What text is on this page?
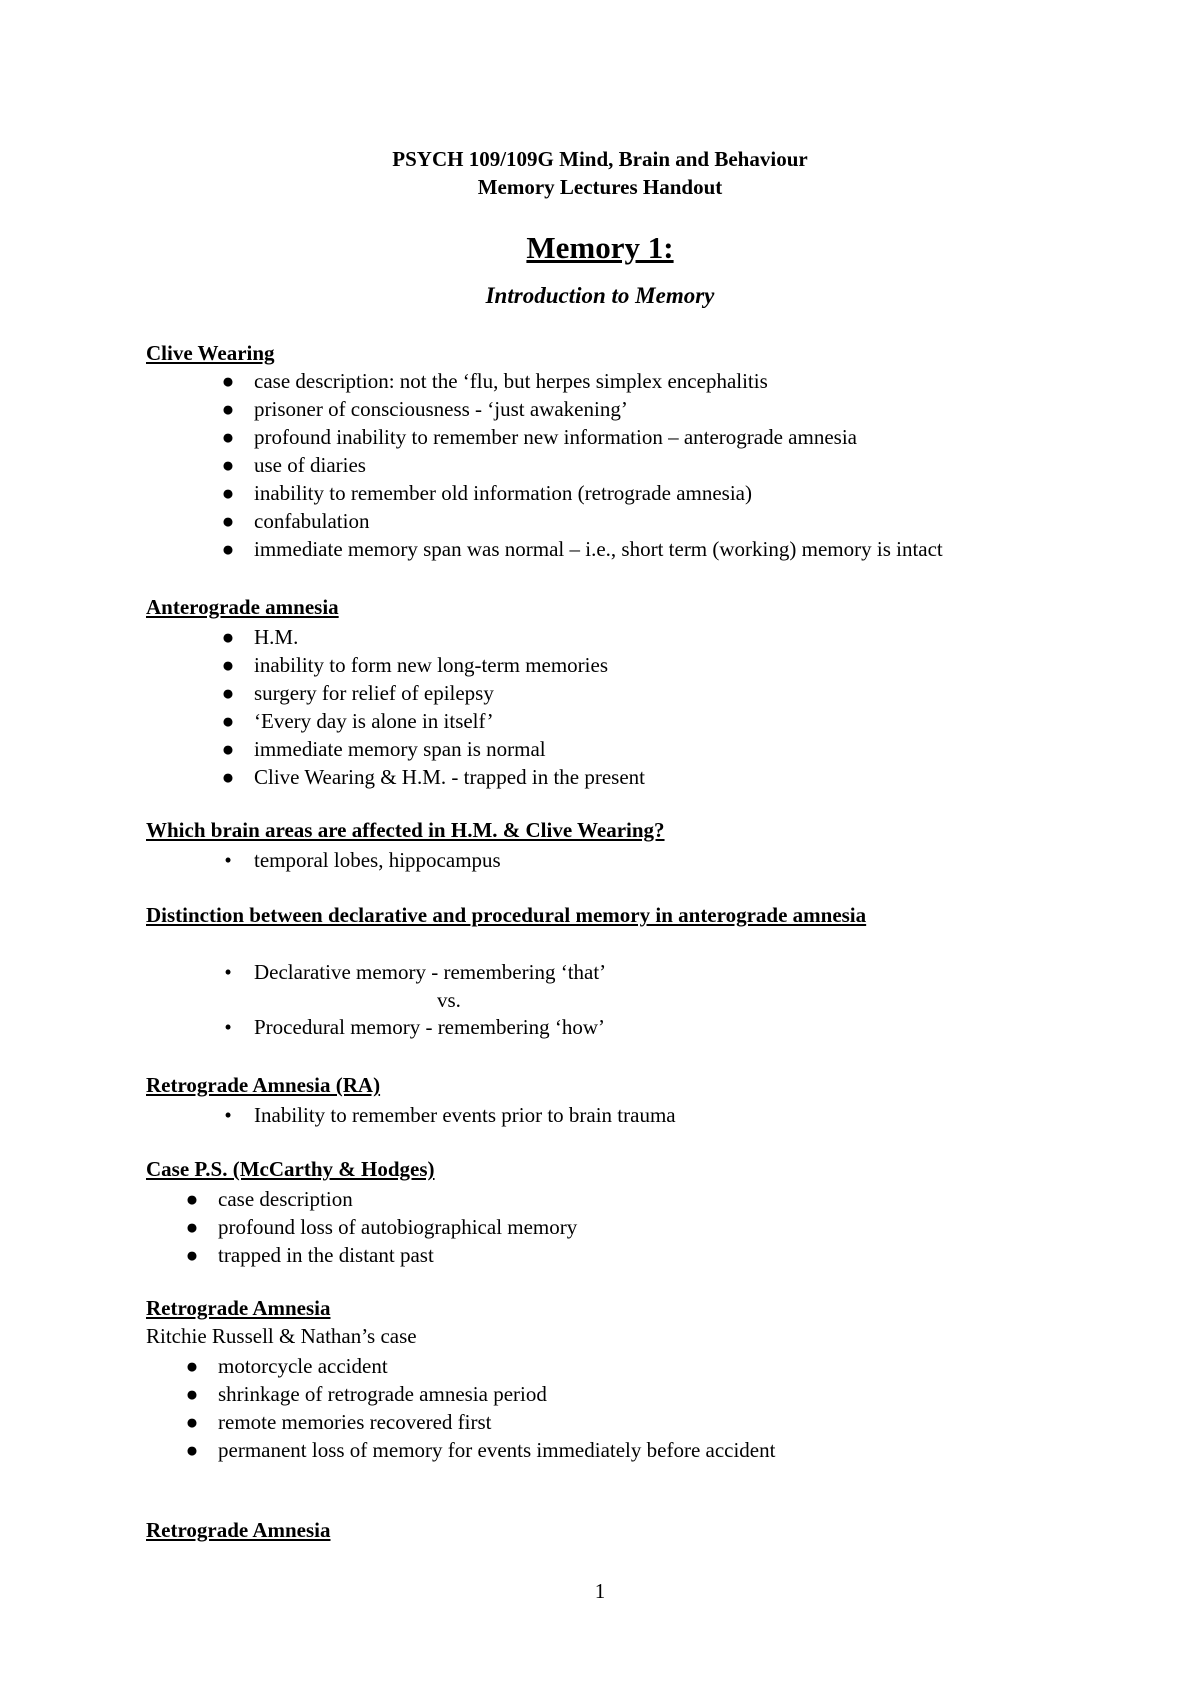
PSYCH 109/109G Mind, Brain and Behaviour
Memory Lectures Handout
Memory 1:
Introduction to Memory
Clive Wearing
● case description: not the ‘flu, but herpes simplex encephalitis
● prisoner of consciousness - ‘just awakening’
● profound inability to remember new information – anterograde amnesia
● use of diaries
● inability to remember old information (retrograde amnesia)
● confabulation
● immediate memory span was normal – i.e., short term (working) memory is intact
Anterograde amnesia
● H.M.
● inability to form new long-term memories
● surgery for relief of epilepsy
● ‘Every day is alone in itself’
● immediate memory span is normal
● Clive Wearing & H.M. - trapped in the present
Which brain areas are affected in H.M. & Clive Wearing?
•	temporal lobes, hippocampus
Distinction between declarative and procedural memory in anterograde amnesia
•	Declarative memory - remembering ‘that’
vs.
•	Procedural memory - remembering ‘how’
Retrograde Amnesia (RA)
•	Inability to remember events prior to brain trauma
Case P.S. (McCarthy & Hodges)
● case description
● profound loss of autobiographical memory
● trapped in the distant past
Retrograde Amnesia
Ritchie Russell & Nathan’s case
● motorcycle accident
● shrinkage of retrograde amnesia period
● remote memories recovered first
● permanent loss of memory for events immediately before accident
Retrograde Amnesia
1
